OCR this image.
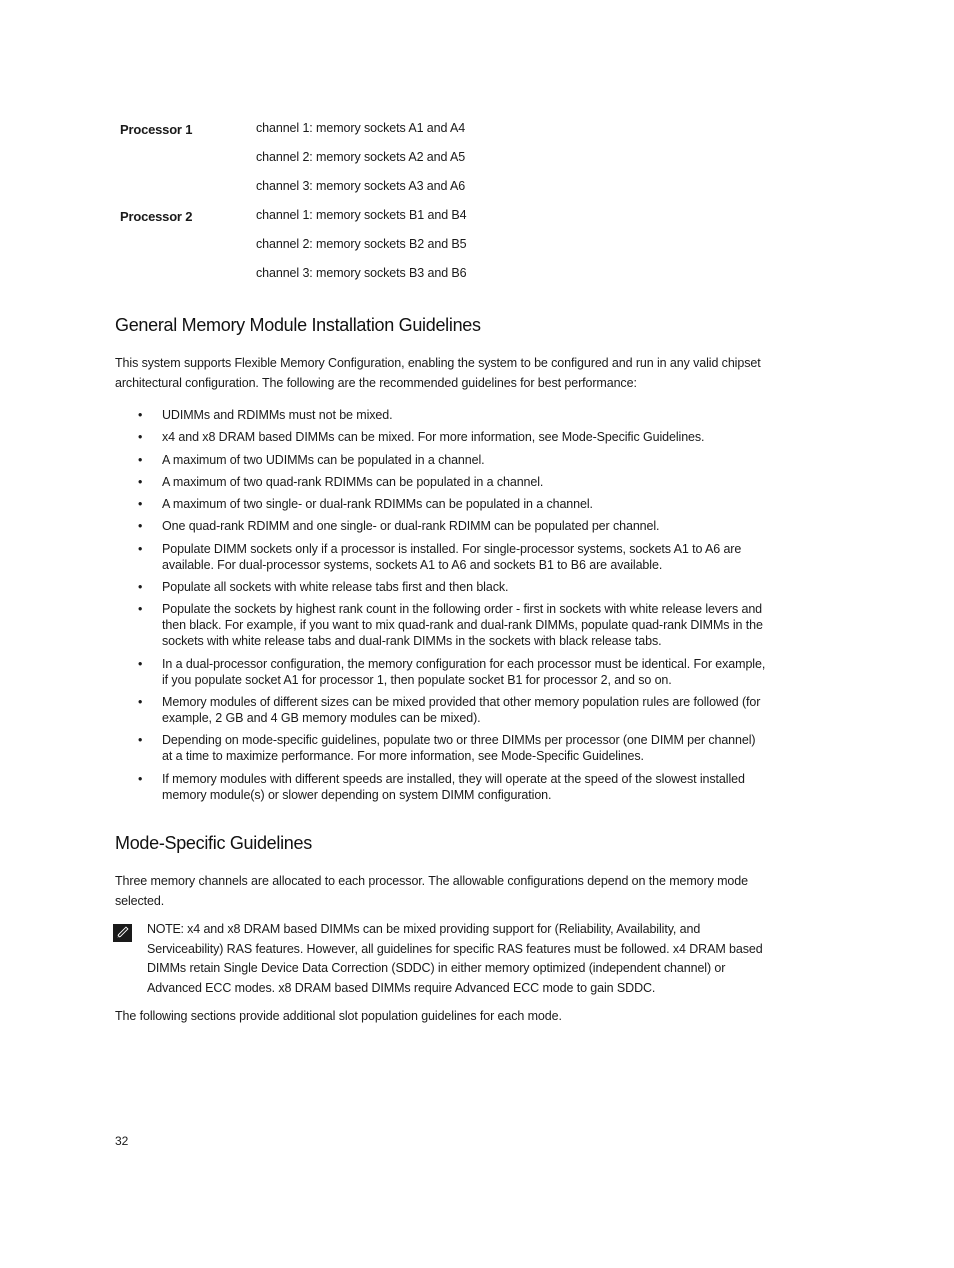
Processor 1	channel 1: memory sockets A1 and A4
channel 2: memory sockets A2 and A5
channel 3: memory sockets A3 and A6
Processor 2	channel 1: memory sockets B1 and B4
channel 2: memory sockets B2 and B5
channel 3: memory sockets B3 and B6
General Memory Module Installation Guidelines

This system supports Flexible Memory Configuration, enabling the system to be configured and run in any valid chipset
architectural configuration. The following are the recommended guidelines for best performance:

• UDIMMs and RDIMMs must not be mixed.
• x4 and x8 DRAM based DIMMs can be mixed. For more information, see Mode-Specific Guidelines.
• A maximum of two UDIMMs can be populated in a channel.
• A maximum of two quad-rank RDIMMs can be populated in a channel.
• A maximum of two single- or dual-rank RDIMMs can be populated in a channel.
• One quad-rank RDIMM and one single- or dual-rank RDIMM can be populated per channel.
• Populate DIMM sockets only if a processor is installed. For single-processor systems, sockets A1 to A6 are
available. For dual-processor systems, sockets A1 to A6 and sockets B1 to B6 are available.
• Populate all sockets with white release tabs first and then black.
• Populate the sockets by highest rank count in the following order - first in sockets with white release levers and
then black. For example, if you want to mix quad-rank and dual-rank DIMMs, populate quad-rank DIMMs in the
sockets with white release tabs and dual-rank DIMMs in the sockets with black release tabs.
• In a dual-processor configuration, the memory configuration for each processor must be identical. For example,
if you populate socket A1 for processor 1, then populate socket B1 for processor 2, and so on.
• Memory modules of different sizes can be mixed provided that other memory population rules are followed (for
example, 2 GB and 4 GB memory modules can be mixed).
• Depending on mode-specific guidelines, populate two or three DIMMs per processor (one DIMM per channel)
at a time to maximize performance. For more information, see Mode-Specific Guidelines.
• If memory modules with different speeds are installed, they will operate at the speed of the slowest installed
memory module(s) or slower depending on system DIMM configuration.
Mode-Specific Guidelines

Three memory channels are allocated to each processor. The allowable configurations depend on the memory mode
selected.

NOTE: x4 and x8 DRAM based DIMMs can be mixed providing support for (Reliability, Availability, and
Serviceability) RAS features. However, all guidelines for specific RAS features must be followed. x4 DRAM based
DIMMs retain Single Device Data Correction (SDDC) in either memory optimized (independent channel) or
Advanced ECC modes. x8 DRAM based DIMMs require Advanced ECC mode to gain SDDC.

The following sections provide additional slot population guidelines for each mode.

32
